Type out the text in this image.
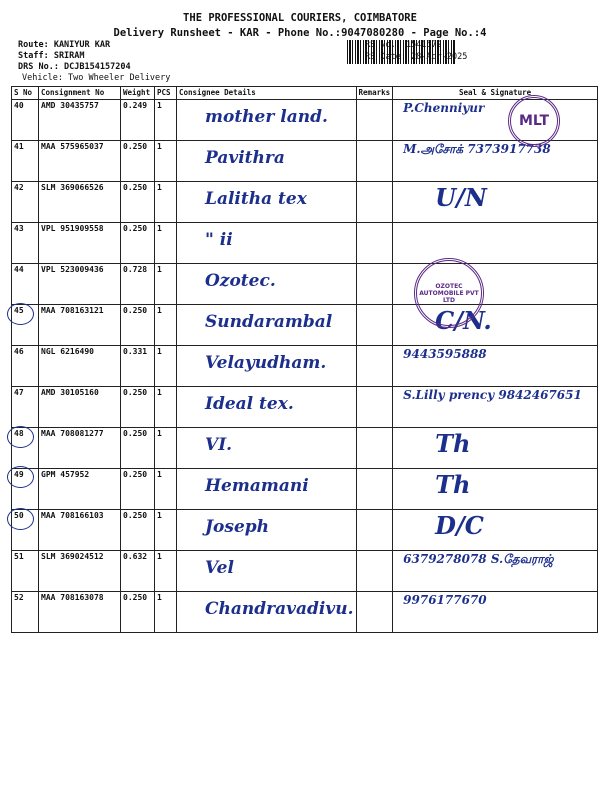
THE PROFESSIONAL COURIERS, COIMBATORE
Delivery Runsheet - KAR - Phone No.:9047080280 - Page No.:4
Route: KANIYUR KAR
Staff: SRIRAM
DRS No.: DCJB154157204
Vehicle: Two Wheeler Delivery
RS No.: 1541572
RS Date: 28-Apr-2025
S No	Consignment No	Weight	PCS	Consignee Details	Remarks	Seal & Signature
40	AMD 30435757	0.249	1	mother land.		P.Chenniyur

41	MAA 575965037	0.250	1	Pavithra		M.அசோக் 7373917738

42	SLM 369066526	0.250	1	Lalitha tex		U/N

43	VPL 951909558	0.250	1	" ii		

44	VPL 523009436	0.728	1	Ozotec.		

45	MAA 708163121	0.250	1	Sundarambal		C/N.

46	NGL 6216490	0.331	1	Velayudham.		9443595888

47	AMD 30105160	0.250	1	Ideal tex.		S.Lilly prency 9842467651

48	MAA 708081277	0.250	1	VI.		Th

49	GPM 457952	0.250	1	Hemamani		Th

50	MAA 708166103	0.250	1	Joseph		D/C

51	SLM 369024512	0.632	1	Vel		6379278078 S.தேவராஜ்

52	MAA 708163078	0.250	1	Chandravadivu.		9976177670
MLT
OZOTEC AUTOMOBILE PVT LTD
